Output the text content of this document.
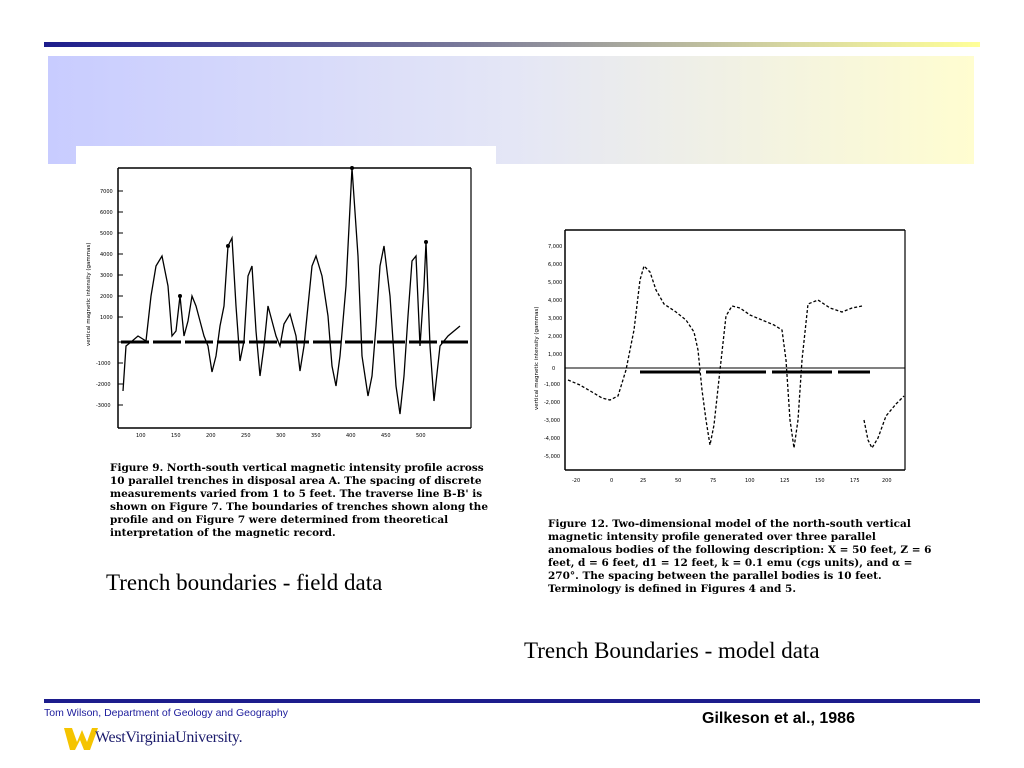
7000
6000
5000
4000
3000
2000
1000
-1000
-2000
-3000
vertical magnetic intensity (gammas)
100	150	200	250	300	350	400	450	500

Figure 9. North-south vertical magnetic intensity profile across 10 parallel trenches in disposal area A. The spacing of discrete measurements varied from 1 to 5 feet. The traverse line B-B' is shown on Figure 7. The boundaries of trenches shown along the profile and on Figure 7 were determined from theoretical interpretation of the magnetic record.

7,000
6,000
5,000
4,000
3,000
2,000
1,000
0
-1,000
-2,000
-3,000
-4,000
-5,000
vertical magnetic intensity (gammas)
-20	0	25	50	75	100	125	150	175	200

Figure 12. Two-dimensional model of the north-south vertical magnetic intensity profile generated over three parallel anomalous bodies of the following description: X = 50 feet, Z = 6 feet, d = 6 feet, d1 = 12 feet, k = 0.1 emu (cgs units), and α = 270°. The spacing between the parallel bodies is 10 feet. Terminology is defined in Figures 4 and 5.

Trench boundaries - field data
Trench Boundaries - model data
Tom Wilson, Department of Geology and Geography	Gilkeson et al., 1986
WestVirginiaUniversity.
